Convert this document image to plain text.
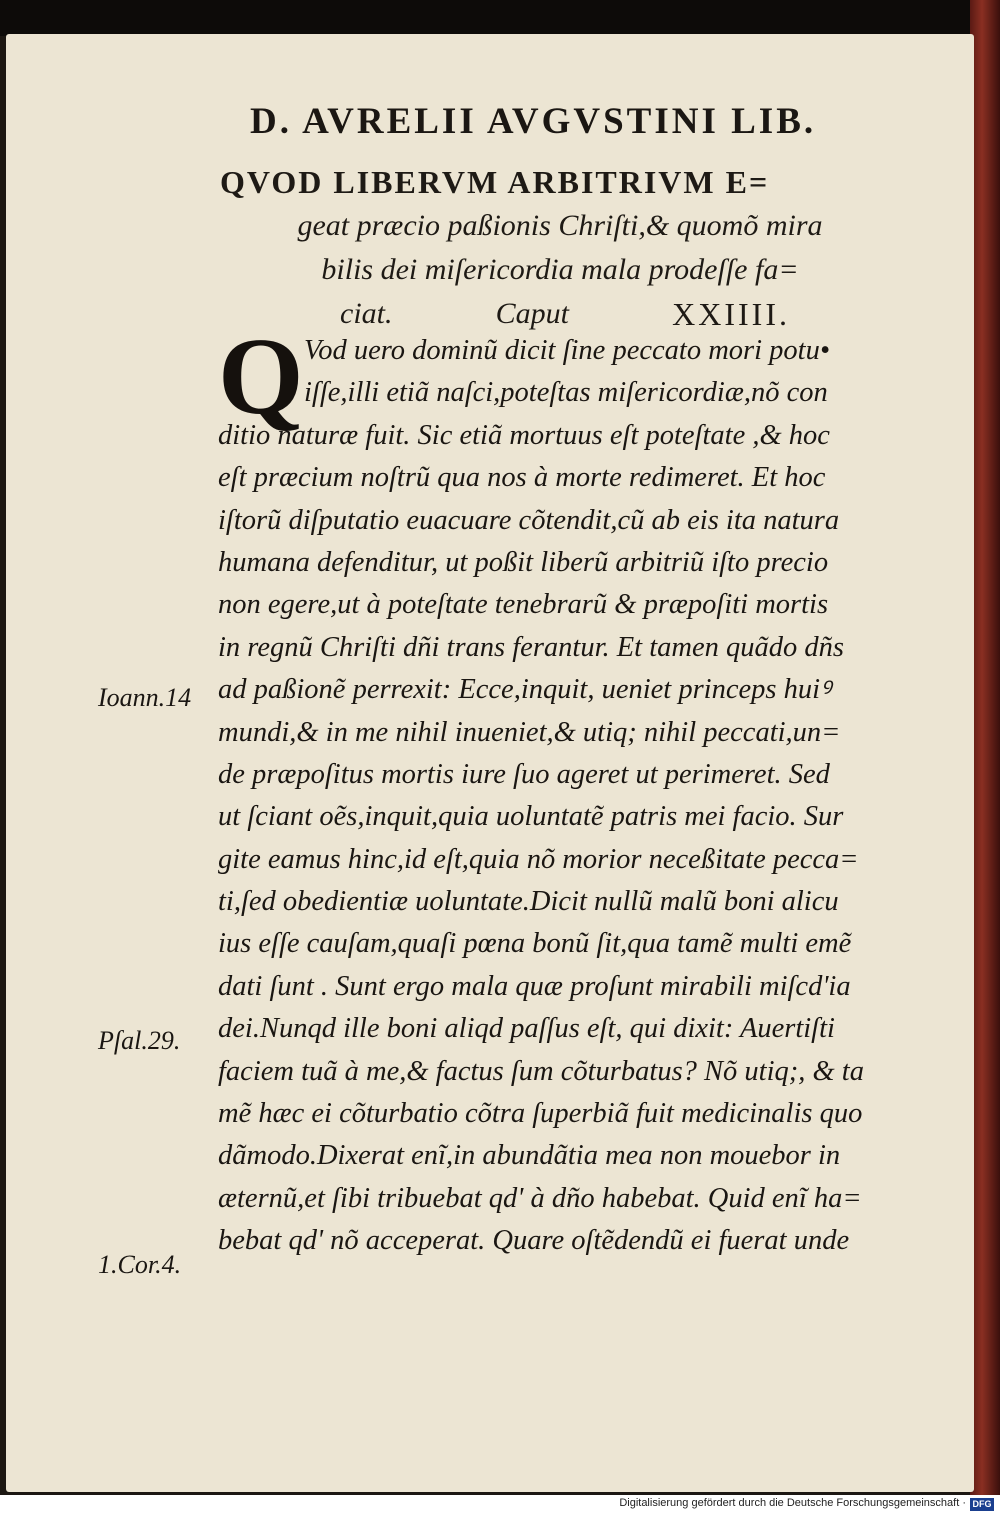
D. AVRELII AVGVSTINI LIB.
QVOD LIBERVM ARBITRIVM E=
geat præcio paßionis Chriſti,& quomõ mira
bilis dei miſericordia mala prodeſſe fa=
ciat.	Caput	XXIIII.
Q Vod uero dominũ dicit ſine peccato mori potu•
iſſe,illi etiã naſci,poteſtas miſericordiæ,nõ con
ditio naturæ fuit. Sic etiã mortuus eſt poteſtate ,& hoc
eſt præcium noſtrũ qua nos à morte redimeret. Et hoc
iſtorũ diſputatio euacuare cõtendit,cũ ab eis ita natura
humana defenditur, ut poßit liberũ arbitriũ iſto precio
non egere,ut à poteſtate tenebrarũ & præpoſiti mortis
in regnũ Chriſti dñi trans ferantur. Et tamen quãdo dñs
ad paßionẽ perrexit: Ecce,inquit, ueniet princeps huiꝰ
mundi,& in me nihil inueniet,& utiq; nihil peccati,un=
de præpoſitus mortis iure ſuo ageret ut perimeret. Sed
ut ſciant oẽs,inquit,quia uoluntatẽ patris mei facio. Sur
gite eamus hinc,id eſt,quia nõ morior neceßitate pecca=
ti,ſed obedientiæ uoluntate.Dicit nullũ malũ boni alicu
ius eſſe cauſam,quaſi pœna bonũ ſit,qua tamẽ multi emẽ
dati ſunt . Sunt ergo mala quæ proſunt mirabili miſcd'ia
dei.Nunqd ille boni aliqd paſſus eſt, qui dixit: Auertiſti
faciem tuã à me,& factus ſum cõturbatus? Nõ utiq;, & ta
mẽ hæc ei cõturbatio cõtra ſuperbiã fuit medicinalis quo
dãmodo.Dixerat enĩ,in abundãtia mea non mouebor in
æternũ,et ſibi tribuebat qd' à dño habebat. Quid enĩ ha=
bebat qd' nõ acceperat. Quare oſtẽdendũ ei fuerat unde
Ioann.14
Pſal.29.
1.Cor.4.
Digitalisierung gefördert durch die Deutsche Forschungsgemeinschaft · DFG
